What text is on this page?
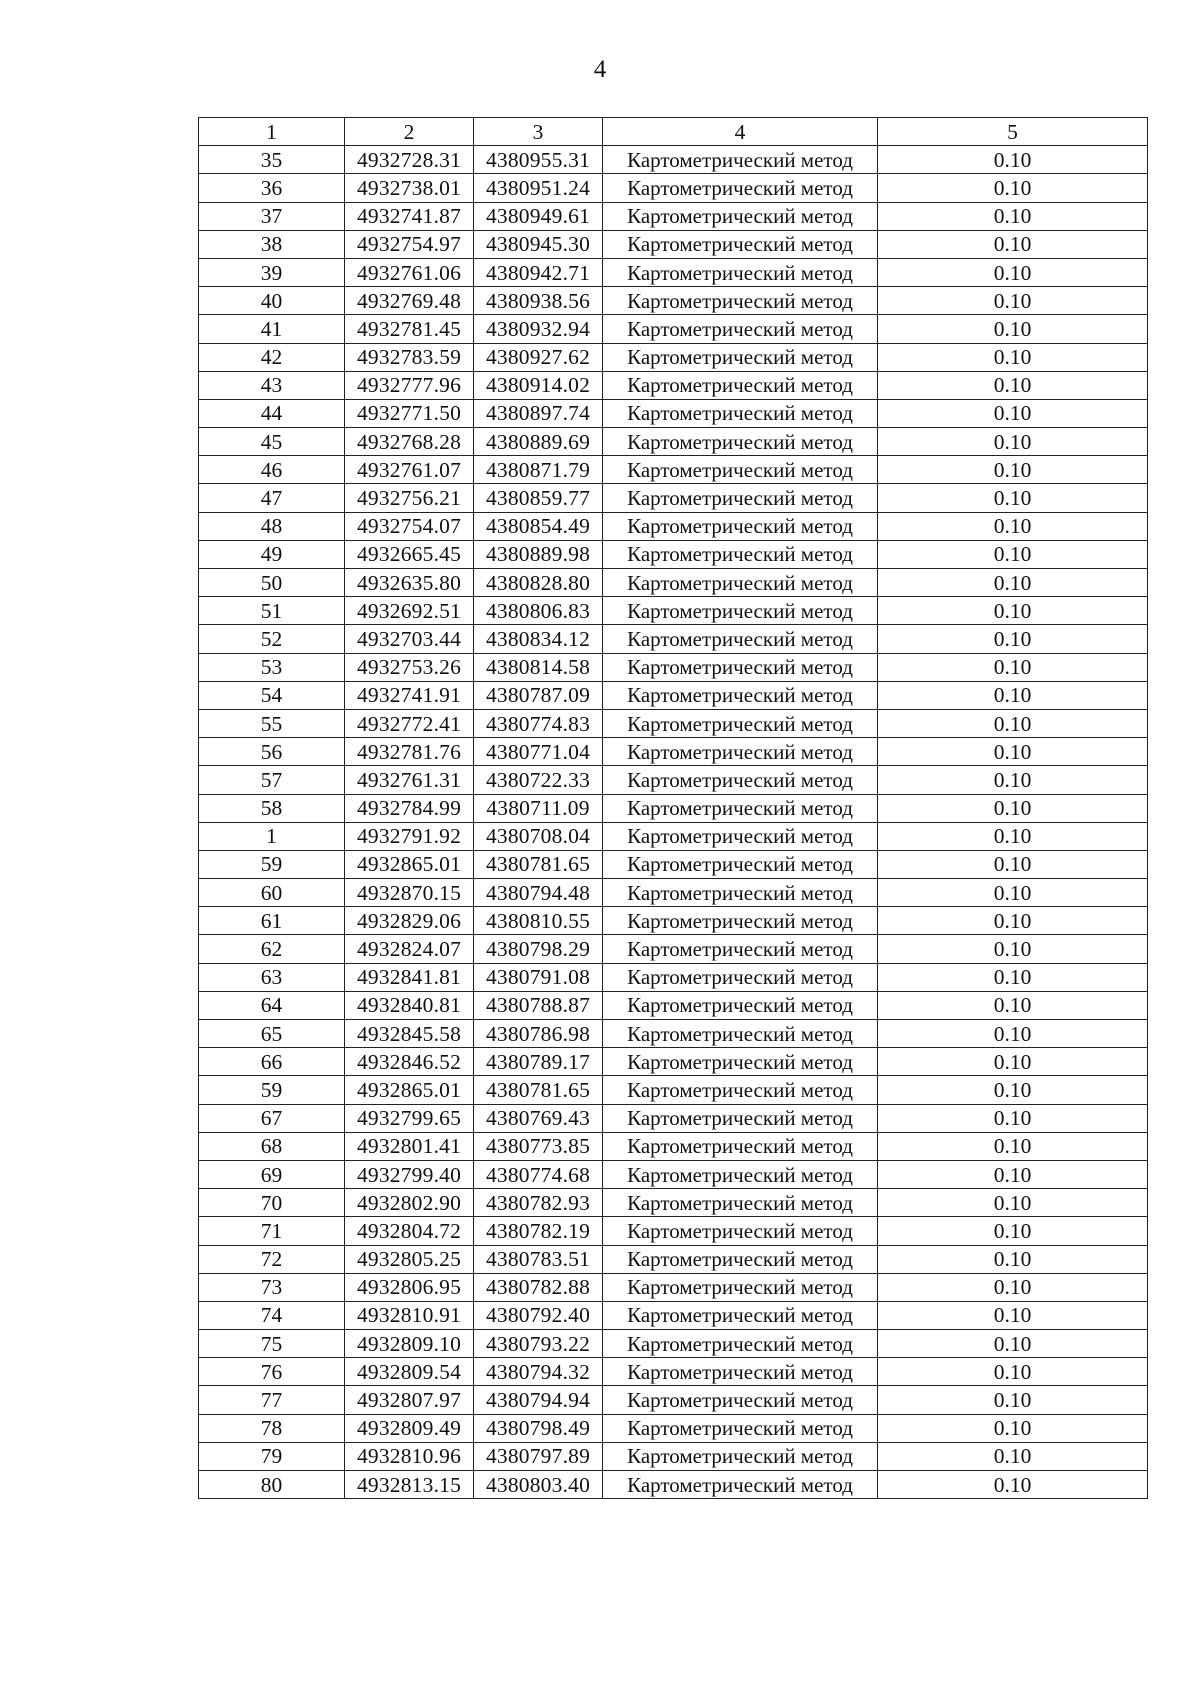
4
1	2	3	4	5
35	4932728.31	4380955.31	Картометрический метод	0.10
36	4932738.01	4380951.24	Картометрический метод	0.10
37	4932741.87	4380949.61	Картометрический метод	0.10
38	4932754.97	4380945.30	Картометрический метод	0.10
39	4932761.06	4380942.71	Картометрический метод	0.10
40	4932769.48	4380938.56	Картометрический метод	0.10
41	4932781.45	4380932.94	Картометрический метод	0.10
42	4932783.59	4380927.62	Картометрический метод	0.10
43	4932777.96	4380914.02	Картометрический метод	0.10
44	4932771.50	4380897.74	Картометрический метод	0.10
45	4932768.28	4380889.69	Картометрический метод	0.10
46	4932761.07	4380871.79	Картометрический метод	0.10
47	4932756.21	4380859.77	Картометрический метод	0.10
48	4932754.07	4380854.49	Картометрический метод	0.10
49	4932665.45	4380889.98	Картометрический метод	0.10
50	4932635.80	4380828.80	Картометрический метод	0.10
51	4932692.51	4380806.83	Картометрический метод	0.10
52	4932703.44	4380834.12	Картометрический метод	0.10
53	4932753.26	4380814.58	Картометрический метод	0.10
54	4932741.91	4380787.09	Картометрический метод	0.10
55	4932772.41	4380774.83	Картометрический метод	0.10
56	4932781.76	4380771.04	Картометрический метод	0.10
57	4932761.31	4380722.33	Картометрический метод	0.10
58	4932784.99	4380711.09	Картометрический метод	0.10
1	4932791.92	4380708.04	Картометрический метод	0.10
59	4932865.01	4380781.65	Картометрический метод	0.10
60	4932870.15	4380794.48	Картометрический метод	0.10
61	4932829.06	4380810.55	Картометрический метод	0.10
62	4932824.07	4380798.29	Картометрический метод	0.10
63	4932841.81	4380791.08	Картометрический метод	0.10
64	4932840.81	4380788.87	Картометрический метод	0.10
65	4932845.58	4380786.98	Картометрический метод	0.10
66	4932846.52	4380789.17	Картометрический метод	0.10
59	4932865.01	4380781.65	Картометрический метод	0.10
67	4932799.65	4380769.43	Картометрический метод	0.10
68	4932801.41	4380773.85	Картометрический метод	0.10
69	4932799.40	4380774.68	Картометрический метод	0.10
70	4932802.90	4380782.93	Картометрический метод	0.10
71	4932804.72	4380782.19	Картометрический метод	0.10
72	4932805.25	4380783.51	Картометрический метод	0.10
73	4932806.95	4380782.88	Картометрический метод	0.10
74	4932810.91	4380792.40	Картометрический метод	0.10
75	4932809.10	4380793.22	Картометрический метод	0.10
76	4932809.54	4380794.32	Картометрический метод	0.10
77	4932807.97	4380794.94	Картометрический метод	0.10
78	4932809.49	4380798.49	Картометрический метод	0.10
79	4932810.96	4380797.89	Картометрический метод	0.10
80	4932813.15	4380803.40	Картометрический метод	0.10
